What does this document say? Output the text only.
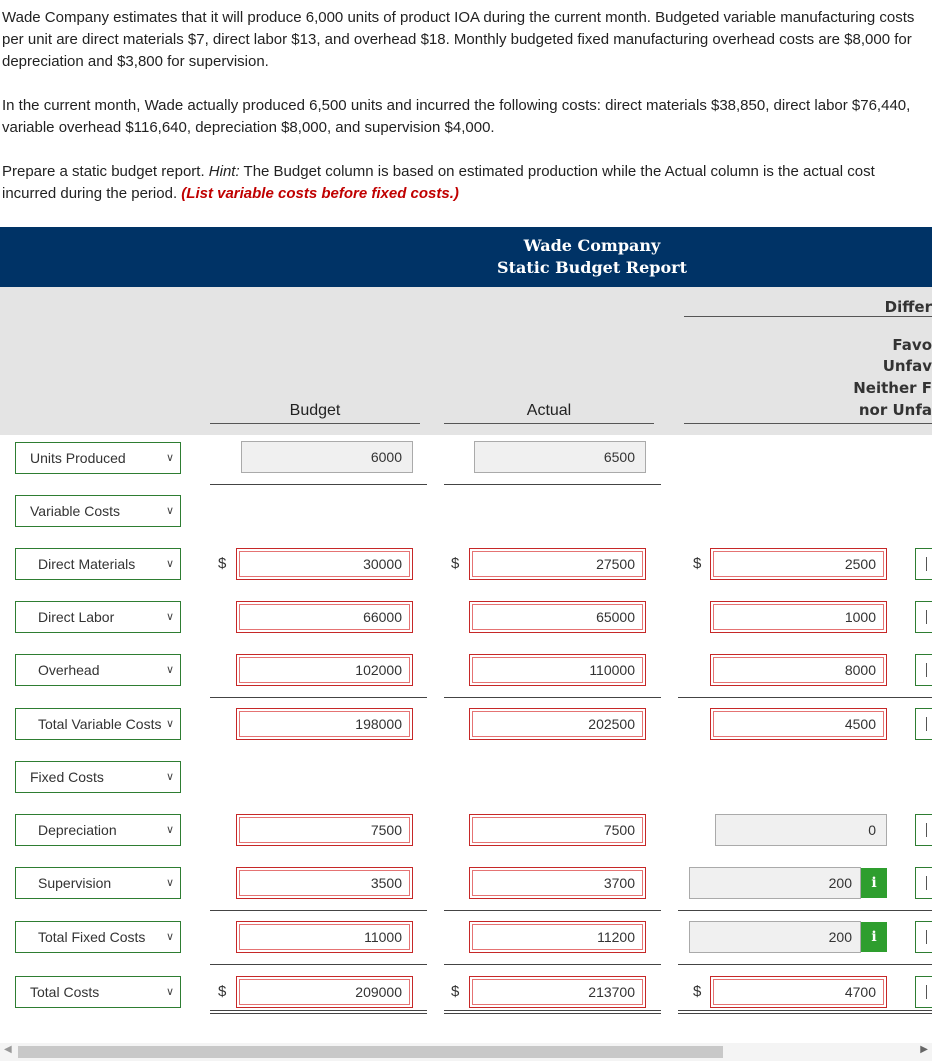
Wade Company estimates that it will produce 6,000 units of product IOA during the current month. Budgeted variable manufacturing costs per unit are direct materials $7, direct labor $13, and overhead $18. Monthly budgeted fixed manufacturing overhead costs are $8,000 for depreciation and $3,800 for supervision.

In the current month, Wade actually produced 6,500 units and incurred the following costs: direct materials $38,850, direct labor $76,440, variable overhead $116,640, depreciation $8,000, and supervision $4,000.

Prepare a static budget report. Hint: The Budget column is based on estimated production while the Actual column is the actual cost incurred during the period. (List variable costs before fixed costs.)

Wade Company
Static Budget Report
Budget	Actual
Differ
Favo
Unfav
Neither F
nor Unfa
Units Produced	∨	6000	6500
Variable Costs	∨
Direct Materials	∨	$	30000	$	27500	$	2500
Direct Labor	∨	66000	65000	1000
Overhead	∨	102000	110000	8000
Total Variable Costs ∨	198000	202500	4500
Fixed Costs	∨
Depreciation	∨	7500	7500	0
Supervision	∨	3500	3700	200	i
Total Fixed Costs ∨	11000	11200	200	i
Total Costs	∨	$	209000	$	213700	$	4700
◀	▶
